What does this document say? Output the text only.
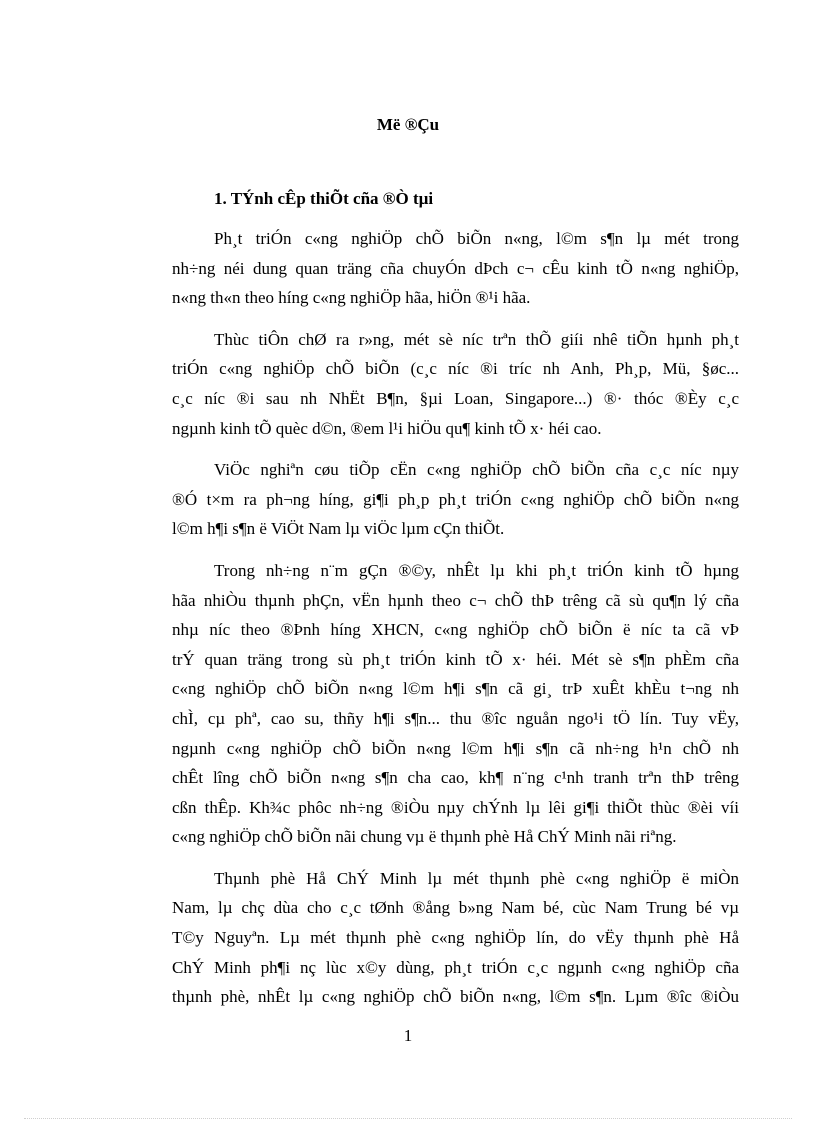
Më ®Çu
1. TÝnh cÊp thiÕt cña ®Ò tµi

Ph¸t triÓn c«ng nghiÖp chÕ biÕn n«ng, l©m s¶n lµ mét trong
nh÷ng néi dung quan träng cña chuyÓn dÞch c¬ cÊu kinh tÕ n«ng nghiÖp,
n«ng th«n theo híng c«ng nghiÖp hãa, hiÖn ®¹i hãa.

Thùc tiÔn chØ ra r»ng, mét sè níc trªn thÕ giíi nhê tiÕn hµnh ph¸t
triÓn c«ng nghiÖp chÕ biÕn (c¸c níc ®i tríc nh Anh, Ph¸p, Mü, §øc...
c¸c níc ®i sau nh NhËt B¶n, §µi Loan, Singapore...) ®· thóc ®Èy c¸c
ngµnh kinh tÕ quèc d©n, ®em l¹i hiÖu qu¶ kinh tÕ x· héi cao.

ViÖc nghiªn cøu tiÕp cËn c«ng nghiÖp chÕ biÕn cña c¸c níc nµy
®Ó t×m ra ph¬ng híng, gi¶i ph¸p ph¸t triÓn c«ng nghiÖp chÕ biÕn n«ng
l©m h¶i s¶n ë ViÖt Nam lµ viÖc lµm cÇn thiÕt.

Trong nh÷ng n¨m gÇn ®©y, nhÊt lµ khi ph¸t triÓn kinh tÕ hµng
hãa nhiÒu thµnh phÇn, vËn hµnh theo c¬ chÕ thÞ trêng cã sù qu¶n lý cña
nhµ níc theo ®Þnh híng XHCN, c«ng nghiÖp chÕ biÕn ë níc ta cã vÞ
trÝ quan träng trong sù ph¸t triÓn kinh tÕ x· héi. Mét sè s¶n phÈm cña
c«ng nghiÖp chÕ biÕn n«ng l©m h¶i s¶n cã gi¸ trÞ xuÊt khÈu t¬ng nh
chÌ, cµ phª, cao su, thñy h¶i s¶n... thu ®îc nguån ngo¹i tÖ lín. Tuy vËy,
ngµnh c«ng nghiÖp chÕ biÕn n«ng l©m h¶i s¶n cã nh÷ng h¹n chÕ nh
chÊt lîng chÕ biÕn n«ng s¶n cha cao, kh¶ n¨ng c¹nh tranh trªn thÞ trêng
cßn thÊp. Kh¾c phôc nh÷ng ®iÒu nµy chÝnh lµ lêi gi¶i thiÕt thùc ®èi víi
c«ng nghiÖp chÕ biÕn nãi chung vµ ë thµnh phè Hå ChÝ Minh nãi riªng.

Thµnh phè Hå ChÝ Minh lµ mét thµnh phè c«ng nghiÖp ë miÒn
Nam, lµ chç dùa cho c¸c tØnh ®ång b»ng Nam bé, cùc Nam Trung bé vµ
T©y Nguyªn. Lµ mét thµnh phè c«ng nghiÖp lín, do vËy thµnh phè Hå
ChÝ Minh ph¶i nç lùc x©y dùng, ph¸t triÓn c¸c ngµnh c«ng nghiÖp cña
thµnh phè, nhÊt lµ c«ng nghiÖp chÕ biÕn n«ng, l©m s¶n. Lµm ®îc ®iÒu

1
